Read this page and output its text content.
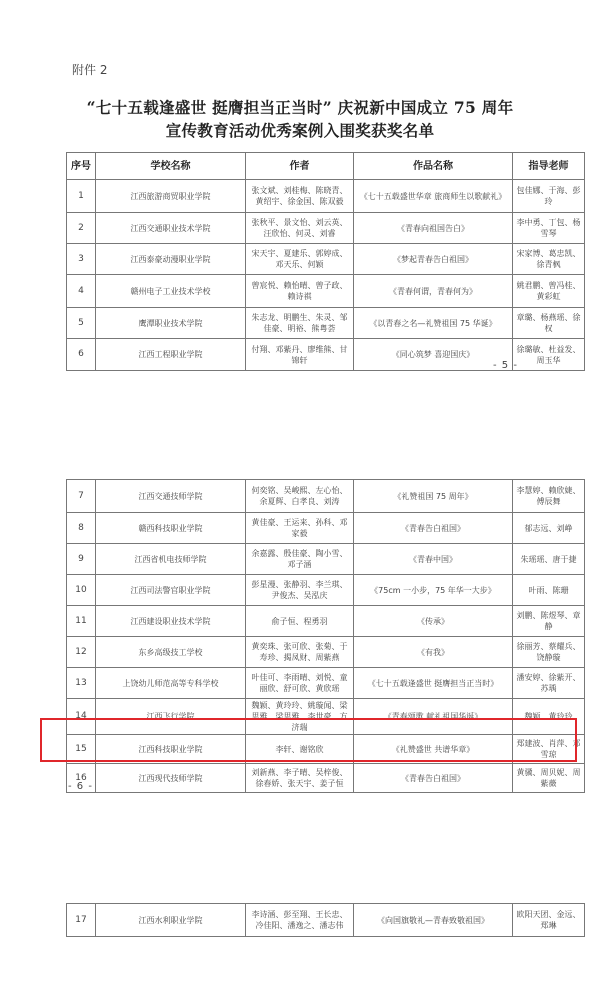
附件 2
“七十五载逢盛世 挺膺担当正当时” 庆祝新中国成立 75 周年
宣传教育活动优秀案例入围奖获奖名单
序号	学校名称	作者	作品名称	指导老师
1	江西旅游商贸职业学院	张文斌、刘桂梅、陈晓青、黄绍宇、徐金国、陈双毅	《七十五载盛世华章 旅商师生以歌献礼》	包佳娜、于海、彭玲
2	江西交通职业技术学院	张秋平、景文怡、刘云英、汪欣怡、何灵、刘睿	《青春向祖国告白》	李中勇、丁包、杨雪琴
3	江西泰豪动漫职业学院	宋天宇、夏建乐、郭婷成、邓天乐、何颖	《梦起青春告白祖国》	宋家博、葛忠凯、徐青枫
4	赣州电子工业技术学校	曾宸悦、赖怡晴、曾子政、赖诗祺	《青春何谓，青春何为》	姚君鹏、曾冯桂、黄彩虹
5	鹰潭职业技术学院	朱志龙、明鹏生、朱灵、邹佳豪、明裕、熊粤荟	《以青春之名—礼赞祖国 75 华诞》	章璐、杨燕瑶、徐权
6	江西工程职业学院	付翔、邓紫丹、廖维熊、甘锦轩	《同心筑梦 喜迎国庆》	徐璐敏、杜益发、周玉华
- 5 -
7	江西交通技师学院	何奕铭、吴峻熙、左心怡、余夏辉、白孝良、刘涛	《礼赞祖国 75 周年》	李慧婷、赖欣婕、傅辰舞
8	赣西科技职业学院	黄佳豪、王运来、孙科、邓家毅	《青春告白祖国》	郁志远、刘峥
9	江西省机电技师学院	余嘉露、殷佳豪、陶小雪、邓子涵	《青春中国》	朱瑶瑶、唐于捷
10	江西司法警官职业学院	彭星漫、张静羽、李兰琪、尹俊杰、吴泓庆	《75cm 一小步，75 年华一大步》	叶雨、陈珊
11	江西建设职业技术学院	俞子恒、程勇羽	《传承》	刘鹏、陈煜琴、章静
12	东乡高级技工学校	黄奕珠、张可欣、张菊、于寿珍、揭凤财、周紫燕	《有我》	徐丽芳、蔡耀兵、饶静璇
13	上饶幼儿师范高等专科学校	叶佳可、李雨晴、刘悦、童丽欣、舒可欣、黄欣瑶	《七十五载逢盛世 挺膺担当正当时》	潘安婷、徐紫开、苏瑀
14	江西飞行学院	魏颖、黄玲玲、姚璇闻、梁思雅、梁思雅、李世豪、方济瑞	《青春颂歌 献礼祖国华诞》	魏颖、黄玲玲
15	江西科技职业学院	李轩、谢铭欣	《礼赞盛世 共谱华章》	郑建波、肖萍、邓雪琼
16	江西现代技师学院	刘新燕、李子晴、吴梓俊、徐春娇、张天宇、姜子恒	《青春告白祖国》	黄骥、周贝妮、周紫薇
- 6 -
17	江西水利职业学院	李诗涵、彭至翔、王长忠、冷佳阳、潘逸之、潘志伟	《向国旗敬礼—青春致敬祖国》	欧阳天团、金远、郑琳
